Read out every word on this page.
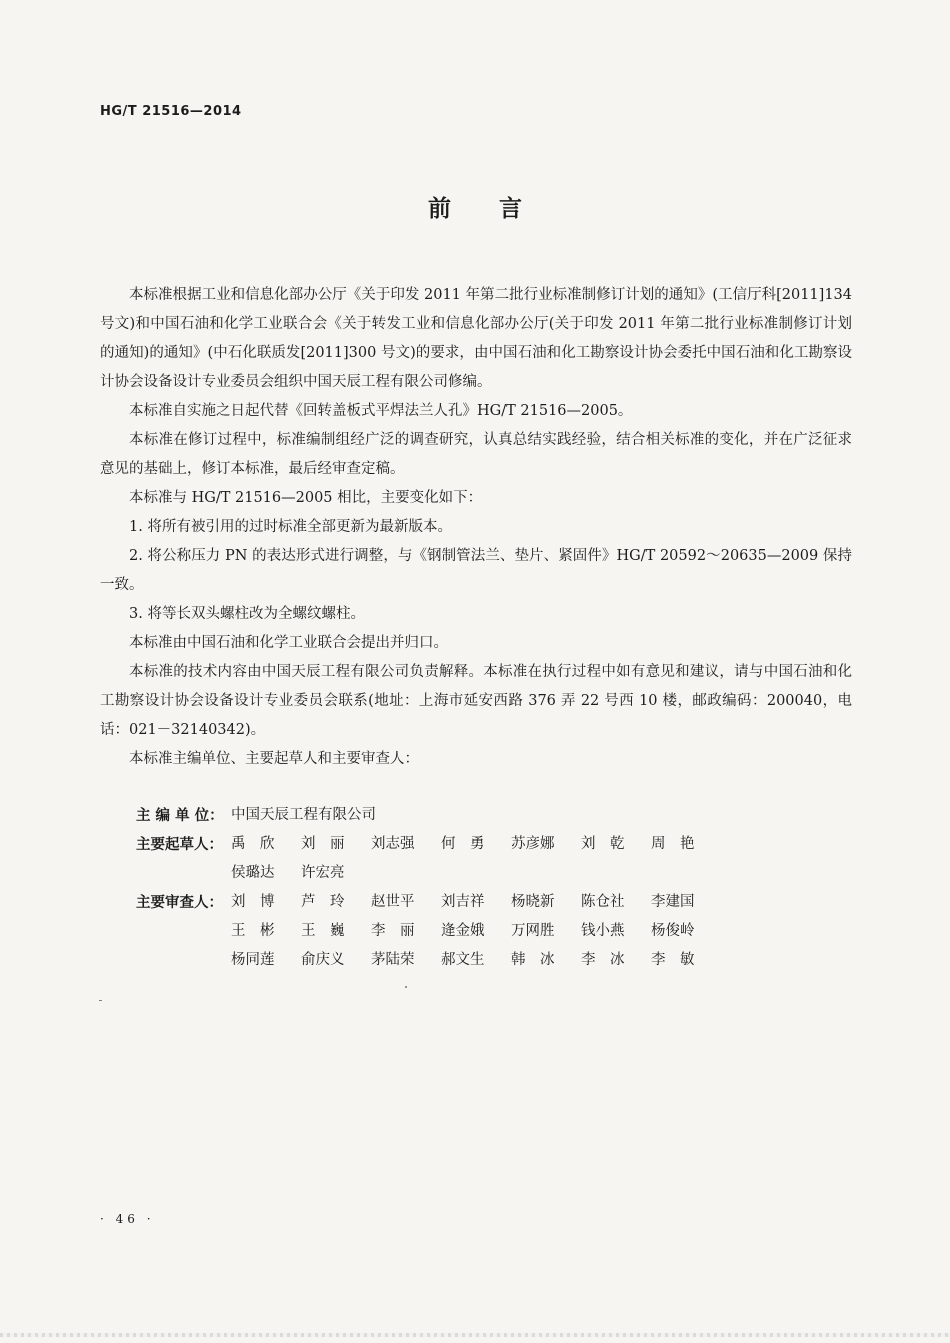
HG/T 21516—2014
前 言

本标准根据工业和信息化部办公厅《关于印发 2011 年第二批行业标准制修订计划的通知》(工信厅科[2011]134 号文)和中国石油和化学工业联合会《关于转发工业和信息化部办公厅(关于印发 2011 年第二批行业标准制修订计划的通知)的通知》(中石化联质发[2011]300 号文)的要求，由中国石油和化工勘察设计协会委托中国石油和化工勘察设计协会设备设计专业委员会组织中国天辰工程有限公司修编。

本标准自实施之日起代替《回转盖板式平焊法兰人孔》HG/T 21516—2005。

本标准在修订过程中，标准编制组经广泛的调查研究，认真总结实践经验，结合相关标准的变化，并在广泛征求意见的基础上，修订本标准，最后经审查定稿。

本标准与 HG/T 21516—2005 相比，主要变化如下：

1. 将所有被引用的过时标准全部更新为最新版本。

2. 将公称压力 PN 的表达形式进行调整，与《钢制管法兰、垫片、紧固件》HG/T 20592～20635—2009 保持一致。

3. 将等长双头螺柱改为全螺纹螺柱。

本标准由中国石油和化学工业联合会提出并归口。

本标准的技术内容由中国天辰工程有限公司负责解释。本标准在执行过程中如有意见和建议，请与中国石油和化工勘察设计协会设备设计专业委员会联系(地址：上海市延安西路 376 弄 22 号西 10 楼，邮政编码：200040，电话：021－32140342)。

本标准主编单位、主要起草人和主要审查人：

主 编 单 位： 中国天辰工程有限公司
主要起草人： 禹　欣	刘　丽	刘志强	何　勇	苏彦娜	刘　乾	周　艳
侯璐达	许宏亮
主要审查人： 刘　博	芦　玲	赵世平	刘吉祥	杨晓新	陈仓社	李建国
王　彬	王　巍	李　丽	逄金娥	万网胜	钱小燕	杨俊岭
杨同莲	俞庆义	茅陆荣	郝文生	韩　冰	李　冰	李　敏
· 46 ·
